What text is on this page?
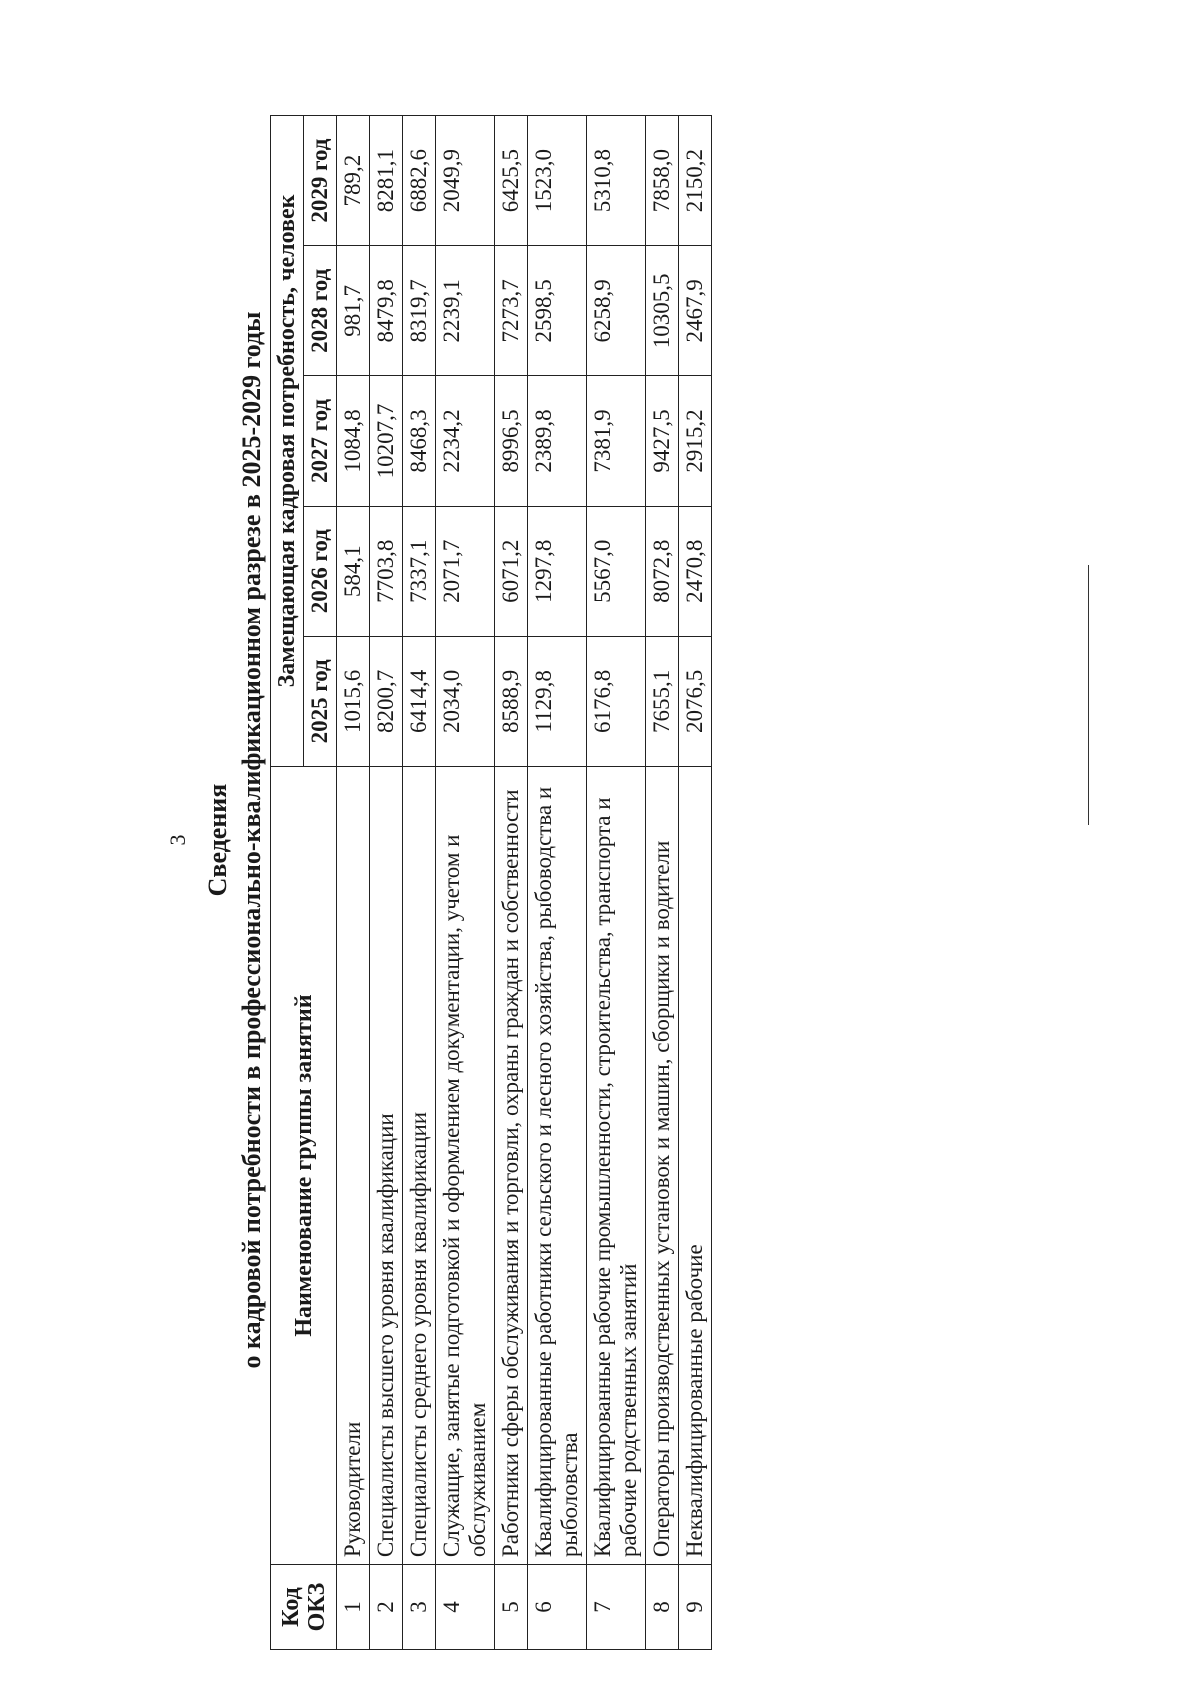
3 Сведения о кадровой потребности в профессионально-квалификационном разрезе в 2025-2029 годы
Код ОКЗ	Наименование группы занятий	Замещающая кадровая потребность, человек				
		2025 год	2026 год	2027 год	2028 год	2029 год
1	Руководители	1015,6	584,1	1084,8	981,7	789,2
2	Специалисты высшего уровня квалификации	8200,7	7703,8	10207,7	8479,8	8281,1
3	Специалисты среднего уровня квалификации	6414,4	7337,1	8468,3	8319,7	6882,6
4	Служащие, занятые подготовкой и оформлением документации, учетом и обслуживанием	2034,0	2071,7	2234,2	2239,1	2049,9
5	Работники сферы обслуживания и торговли, охраны граждан и собственности	8588,9	6071,2	8996,5	7273,7	6425,5
6	Квалифицированные работники сельского и лесного хозяйства, рыбоводства и рыболовства	1129,8	1297,8	2389,8	2598,5	1523,0
7	Квалифицированные рабочие промышленности, строительства, транспорта и рабочие родственных занятий	6176,8	5567,0	7381,9	6258,9	5310,8
8	Операторы производственных установок и машин, сборщики и водители	7655,1	8072,8	9427,5	10305,5	7858,0
9	Неквалифицированные рабочие	2076,5	2470,8	2915,2	2467,9	2150,2
